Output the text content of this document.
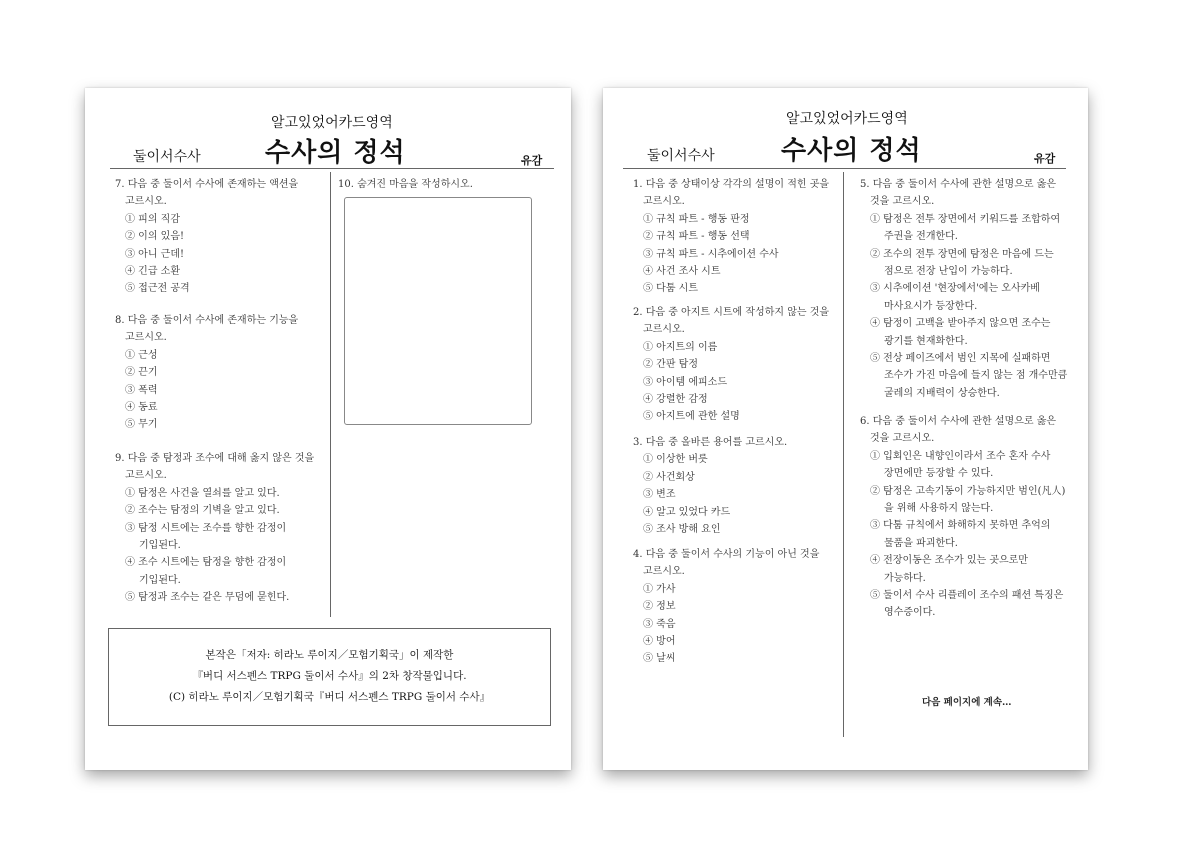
알고있었어카드영역
둘이서수사 수사의 정석	유감
7. 다음 중 둘이서 수사에 존재하는 액션을
고르시오.
① 피의 직감
② 이의 있음!
③ 아니 근데!
④ 긴급 소환
⑤ 접근전 공격
8. 다음 중 둘이서 수사에 존재하는 기능을
고르시오.
① 근성
② 끈기
③ 폭력
④ 동료
⑤ 무기
9. 다음 중 탐정과 조수에 대해 옳지 않은 것을
고르시오.
① 탐정은 사건을 열쇠를 알고 있다.
② 조수는 탐정의 기벽을 알고 있다.
③ 탐정 시트에는 조수를 향한 감정이
기입된다.
④ 조수 시트에는 탐정을 향한 감정이
기입된다.
⑤ 탐정과 조수는 같은 무덤에 묻힌다.
10. 숨겨진 마음을 작성하시오.
본작은「저자: 히라노 루이지／모험기획국」이 제작한
『버디 서스펜스 TRPG 둘이서 수사』의 2차 창작물입니다.
(C) 히라노 루이지／모험기획국『버디 서스펜스 TRPG 둘이서 수사』
알고있었어카드영역
둘이서수사	수사의 정석	유감
1. 다음 중 상태이상 각각의 설명이 적힌 곳을
고르시오.
① 규칙 파트 - 행동 판정
② 규칙 파트 - 행동 선택
③ 규칙 파트 - 시추에이션 수사
④ 사건 조사 시트
⑤ 다툼 시트
2. 다음 중 아지트 시트에 작성하지 않는 것을
고르시오.
① 아지트의 이름
② 간판 탐정
③ 아이템 에피소드
④ 강렬한 감정
⑤ 아지트에 관한 설명
3. 다음 중 올바른 용어를 고르시오.
① 이상한 버릇
② 사건회상
③ 변조
④ 알고 있었다 카드
⑤ 조사 방해 요인
4. 다음 중 둘이서 수사의 기능이 아닌 것을
고르시오.
① 가사
② 정보
③ 죽음
④ 방어
⑤ 날씨
5. 다음 중 둘이서 수사에 관한 설명으로 옳은
것을 고르시오.
① 탐정은 전투 장면에서 키워드를 조합하여
주권을 전개한다.
② 조수의 전투 장면에 탐정은 마음에 드는
점으로 전장 난입이 가능하다.
③ 시추에이션 '현장에서'에는 오사카베
마사요시가 등장한다.
④ 탐정이 고백을 받아주지 않으면 조수는
광기를 현재화한다.
⑤ 전상 페이즈에서 범인 지목에 실패하면
조수가 가진 마음에 들지 않는 점 개수만큼
굴레의 지배력이 상승한다.
6. 다음 중 둘이서 수사에 관한 설명으로 옳은
것을 고르시오.
① 입회인은 내향인이라서 조수 혼자 수사
장면에만 등장할 수 있다.
② 탐정은 고속기동이 가능하지만 범인(凡人)
을 위해 사용하지 않는다.
③ 다툼 규칙에서 화해하지 못하면 추억의
물품을 파괴한다.
④ 전장이동은 조수가 있는 곳으로만
가능하다.
⑤ 둘이서 수사 리플레이 조수의 패션 특징은
영수증이다.
다음 페이지에 계속…
